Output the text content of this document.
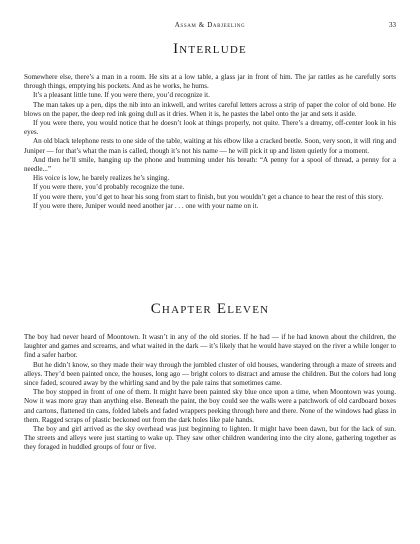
Assam & Darjeeling	33
Interlude

Somewhere else, there’s a man in a room. He sits at a low table, a glass jar in front of him. The jar rattles as he carefully sorts through things, emptying his pockets. And as he works, he hums.

It’s a pleasant little tune. If you were there, you’d recognize it.

The man takes up a pen, dips the nib into an inkwell, and writes careful letters across a strip of paper the color of old bone. He blows on the paper, the deep red ink going dull as it dries. When it is, he pastes the label onto the jar and sets it aside.

If you were there, you would notice that he doesn’t look at things properly, not quite. There’s a dreamy, off-center look in his eyes.

An old black telephone rests to one side of the table, waiting at his elbow like a cracked beetle. Soon, very soon, it will ring and Juniper — for that’s what the man is called, though it’s not his name — he will pick it up and listen quietly for a moment.

And then he’ll smile, hanging up the phone and humming under his breath: “A penny for a spool of thread, a penny for a needle...”

His voice is low, he barely realizes he’s singing.

If you were there, you’d probably recognize the tune.

If you were there, you’d get to hear his song from start to finish, but you wouldn’t get a chance to hear the rest of this story.

If you were there, Juniper would need another jar . . . one with your name on it.

Chapter Eleven

The boy had never heard of Moontown. It wasn’t in any of the old stories. If he had — if he had known about the children, the laughter and games and screams, and what waited in the dark — it’s likely that he would have stayed on the river a while longer to find a safer harbor.

But he didn’t know, so they made their way through the jumbled cluster of old houses, wandering through a maze of streets and alleys. They’d been painted once, the houses, long ago — bright colors to distract and amuse the children. But the colors had long since faded, scoured away by the whirling sand and by the pale rains that sometimes came.

The boy stopped in front of one of them. It might have been painted sky blue once upon a time, when Moontown was young. Now it was more gray than anything else. Beneath the paint, the boy could see the walls were a patchwork of old cardboard boxes and cartons, flattened tin cans, folded labels and faded wrappers peeking through here and there. None of the windows had glass in them. Ragged scraps of plastic beckoned out from the dark holes like pale hands.

The boy and girl arrived as the sky overhead was just beginning to lighten. It might have been dawn, but for the lack of sun. The streets and alleys were just starting to wake up. They saw other children wandering into the city alone, gathering together as they foraged in huddled groups of four or five.
